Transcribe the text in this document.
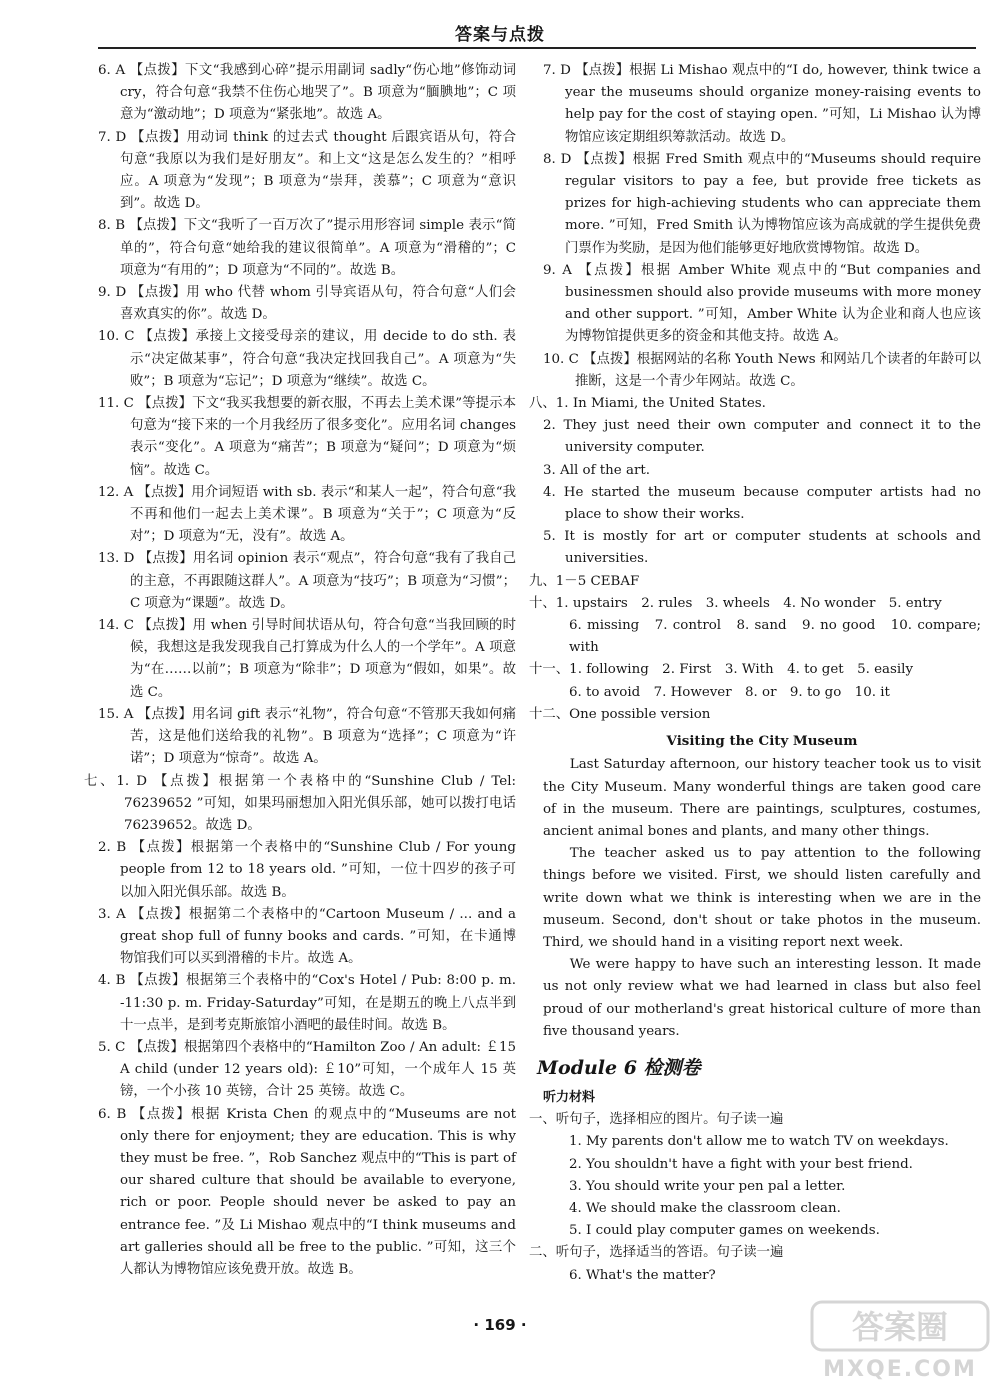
答案与点拨

6. A 【点拨】下文“我感到心碎”提示用副词 sadly“伤心地”修饰动词 cry，符合句意“我禁不住伤心地哭了”。B 项意为“腼腆地”；C 项意为“激动地”；D 项意为“紧张地”。故选 A。

7. D 【点拨】用动词 think 的过去式 thought 后跟宾语从句，符合句意“我原以为我们是好朋友”。和上文“这是怎么发生的？”相呼应。A 项意为“发现”；B 项意为“崇拜，羡慕”；C 项意为“意识到”。故选 D。

8. B 【点拨】下文“我听了一百万次了”提示用形容词 simple 表示“简单的”，符合句意“她给我的建议很简单”。A 项意为“滑稽的”；C 项意为“有用的”；D 项意为“不同的”。故选 B。

9. D 【点拨】用 who 代替 whom 引导宾语从句，符合句意“人们会喜欢真实的你”。故选 D。

10. C 【点拨】承接上文接受母亲的建议，用 decide to do sth. 表示“决定做某事”，符合句意“我决定找回我自己”。A 项意为“失败”；B 项意为“忘记”；D 项意为“继续”。故选 C。

11. C 【点拨】下文“我买我想要的新衣服，不再去上美术课”等提示本句意为“接下来的一个月我经历了很多变化”。应用名词 changes 表示“变化”。A 项意为“痛苦”；B 项意为“疑问”；D 项意为“烦恼”。故选 C。

12. A 【点拨】用介词短语 with sb. 表示“和某人一起”，符合句意“我不再和他们一起去上美术课”。B 项意为“关于”；C 项意为“反对”；D 项意为“无，没有”。故选 A。

13. D 【点拨】用名词 opinion 表示“观点”，符合句意“我有了我自己的主意，不再跟随这群人”。A 项意为“技巧”；B 项意为“习惯”；C 项意为“课题”。故选 D。

14. C 【点拨】用 when 引导时间状语从句，符合句意“当我回顾的时候，我想这是我发现我自己打算成为什么人的一个学年”。A 项意为“在……以前”；B 项意为“除非”；D 项意为“假如，如果”。故选 C。

15. A 【点拨】用名词 gift 表示“礼物”，符合句意“不管那天我如何痛苦，这是他们送给我的礼物”。B 项意为“选择”；C 项意为“许诺”；D 项意为“惊奇”。故选 A。

七、1. D 【点拨】根据第一个表格中的“Sunshine Club / Tel: 76239652 ”可知，如果玛丽想加入阳光俱乐部，她可以拨打电话 76239652。故选 D。

2. B 【点拨】根据第一个表格中的“Sunshine Club / For young people from 12 to 18 years old. ”可知，一位十四岁的孩子可以加入阳光俱乐部。故选 B。

3. A 【点拨】根据第二个表格中的“Cartoon Museum / ... and a great shop full of funny books and cards. ”可知，在卡通博物馆我们可以买到滑稽的卡片。故选 A。

4. B 【点拨】根据第三个表格中的“Cox's Hotel / Pub: 8:00 p. m. -11:30 p. m. Friday-Saturday”可知，在是期五的晚上八点半到十一点半，是到考克斯旅馆小酒吧的最佳时间。故选 B。

5. C 【点拨】根据第四个表格中的“Hamilton Zoo / An adult: ￡15 A child (under 12 years old): ￡10”可知，一个成年人 15 英镑，一个小孩 10 英镑，合计 25 英镑。故选 C。

6. B 【点拨】根据 Krista Chen 的观点中的“Museums are not only there for enjoyment; they are education. This is why they must be free. ”，Rob Sanchez 观点中的“This is part of our shared culture that should be available to everyone, rich or poor. People should never be asked to pay an entrance fee. ”及 Li Mishao 观点中的“I think museums and art galleries should all be free to the public. ”可知，这三个人都认为博物馆应该免费开放。故选 B。

7. D 【点拨】根据 Li Mishao 观点中的“I do, however, think twice a year the museums should organize money-raising events to help pay for the cost of staying open. ”可知，Li Mishao 认为博物馆应该定期组织筹款活动。故选 D。

8. D 【点拨】根据 Fred Smith 观点中的“Museums should require regular visitors to pay a fee, but provide free tickets as prizes for high-achieving students who can appreciate them more. ”可知，Fred Smith 认为博物馆应该为高成就的学生提供免费门票作为奖励，是因为他们能够更好地欣赏博物馆。故选 D。

9. A 【点拨】根据 Amber White 观点中的“But companies and businessmen should also provide museums with more money and other support. ”可知，Amber White 认为企业和商人也应该为博物馆提供更多的资金和其他支持。故选 A。

10. C 【点拨】根据网站的名称 Youth News 和网站几个读者的年龄可以推断，这是一个青少年网站。故选 C。

八、1. In Miami, the United States.

2. They just need their own computer and connect it to the university computer.

3. All of the art.

4. He started the museum because computer artists had no place to show their works.

5. It is mostly for art or computer students at schools and universities.

九、1－5 CEBAF

十、1. upstairs　2. rules　3. wheels　4. No wonder　5. entry

6. missing　7. control　8. sand　9. no good　10. compare; with

十一、1. following　2. First　3. With　4. to get　5. easily

6. to avoid　7. However　8. or　9. to go　10. it

十二、One possible version

Visiting the City Museum

Last Saturday afternoon, our history teacher took us to visit the City Museum. Many wonderful things are taken good care of in the museum. There are paintings, sculptures, costumes, ancient animal bones and plants, and many other things.

The teacher asked us to pay attention to the following things before we visited. First, we should listen carefully and write down what we think is interesting when we are in the museum. Second, don't shout or take photos in the museum. Third, we should hand in a visiting report next week.

We were happy to have such an interesting lesson. It made us not only review what we had learned in class but also feel proud of our motherland's great historical culture of more than five thousand years.

Module 6 检测卷

听力材料

一、听句子，选择相应的图片。句子读一遍

1. My parents don't allow me to watch TV on weekdays.

2. You shouldn't have a fight with your best friend.

3. You should write your pen pal a letter.

4. We should make the classroom clean.

5. I could play computer games on weekends.

二、听句子，选择适当的答语。句子读一遍

6. What's the matter?

· 169 ·	答案圈
MXQE.COM
